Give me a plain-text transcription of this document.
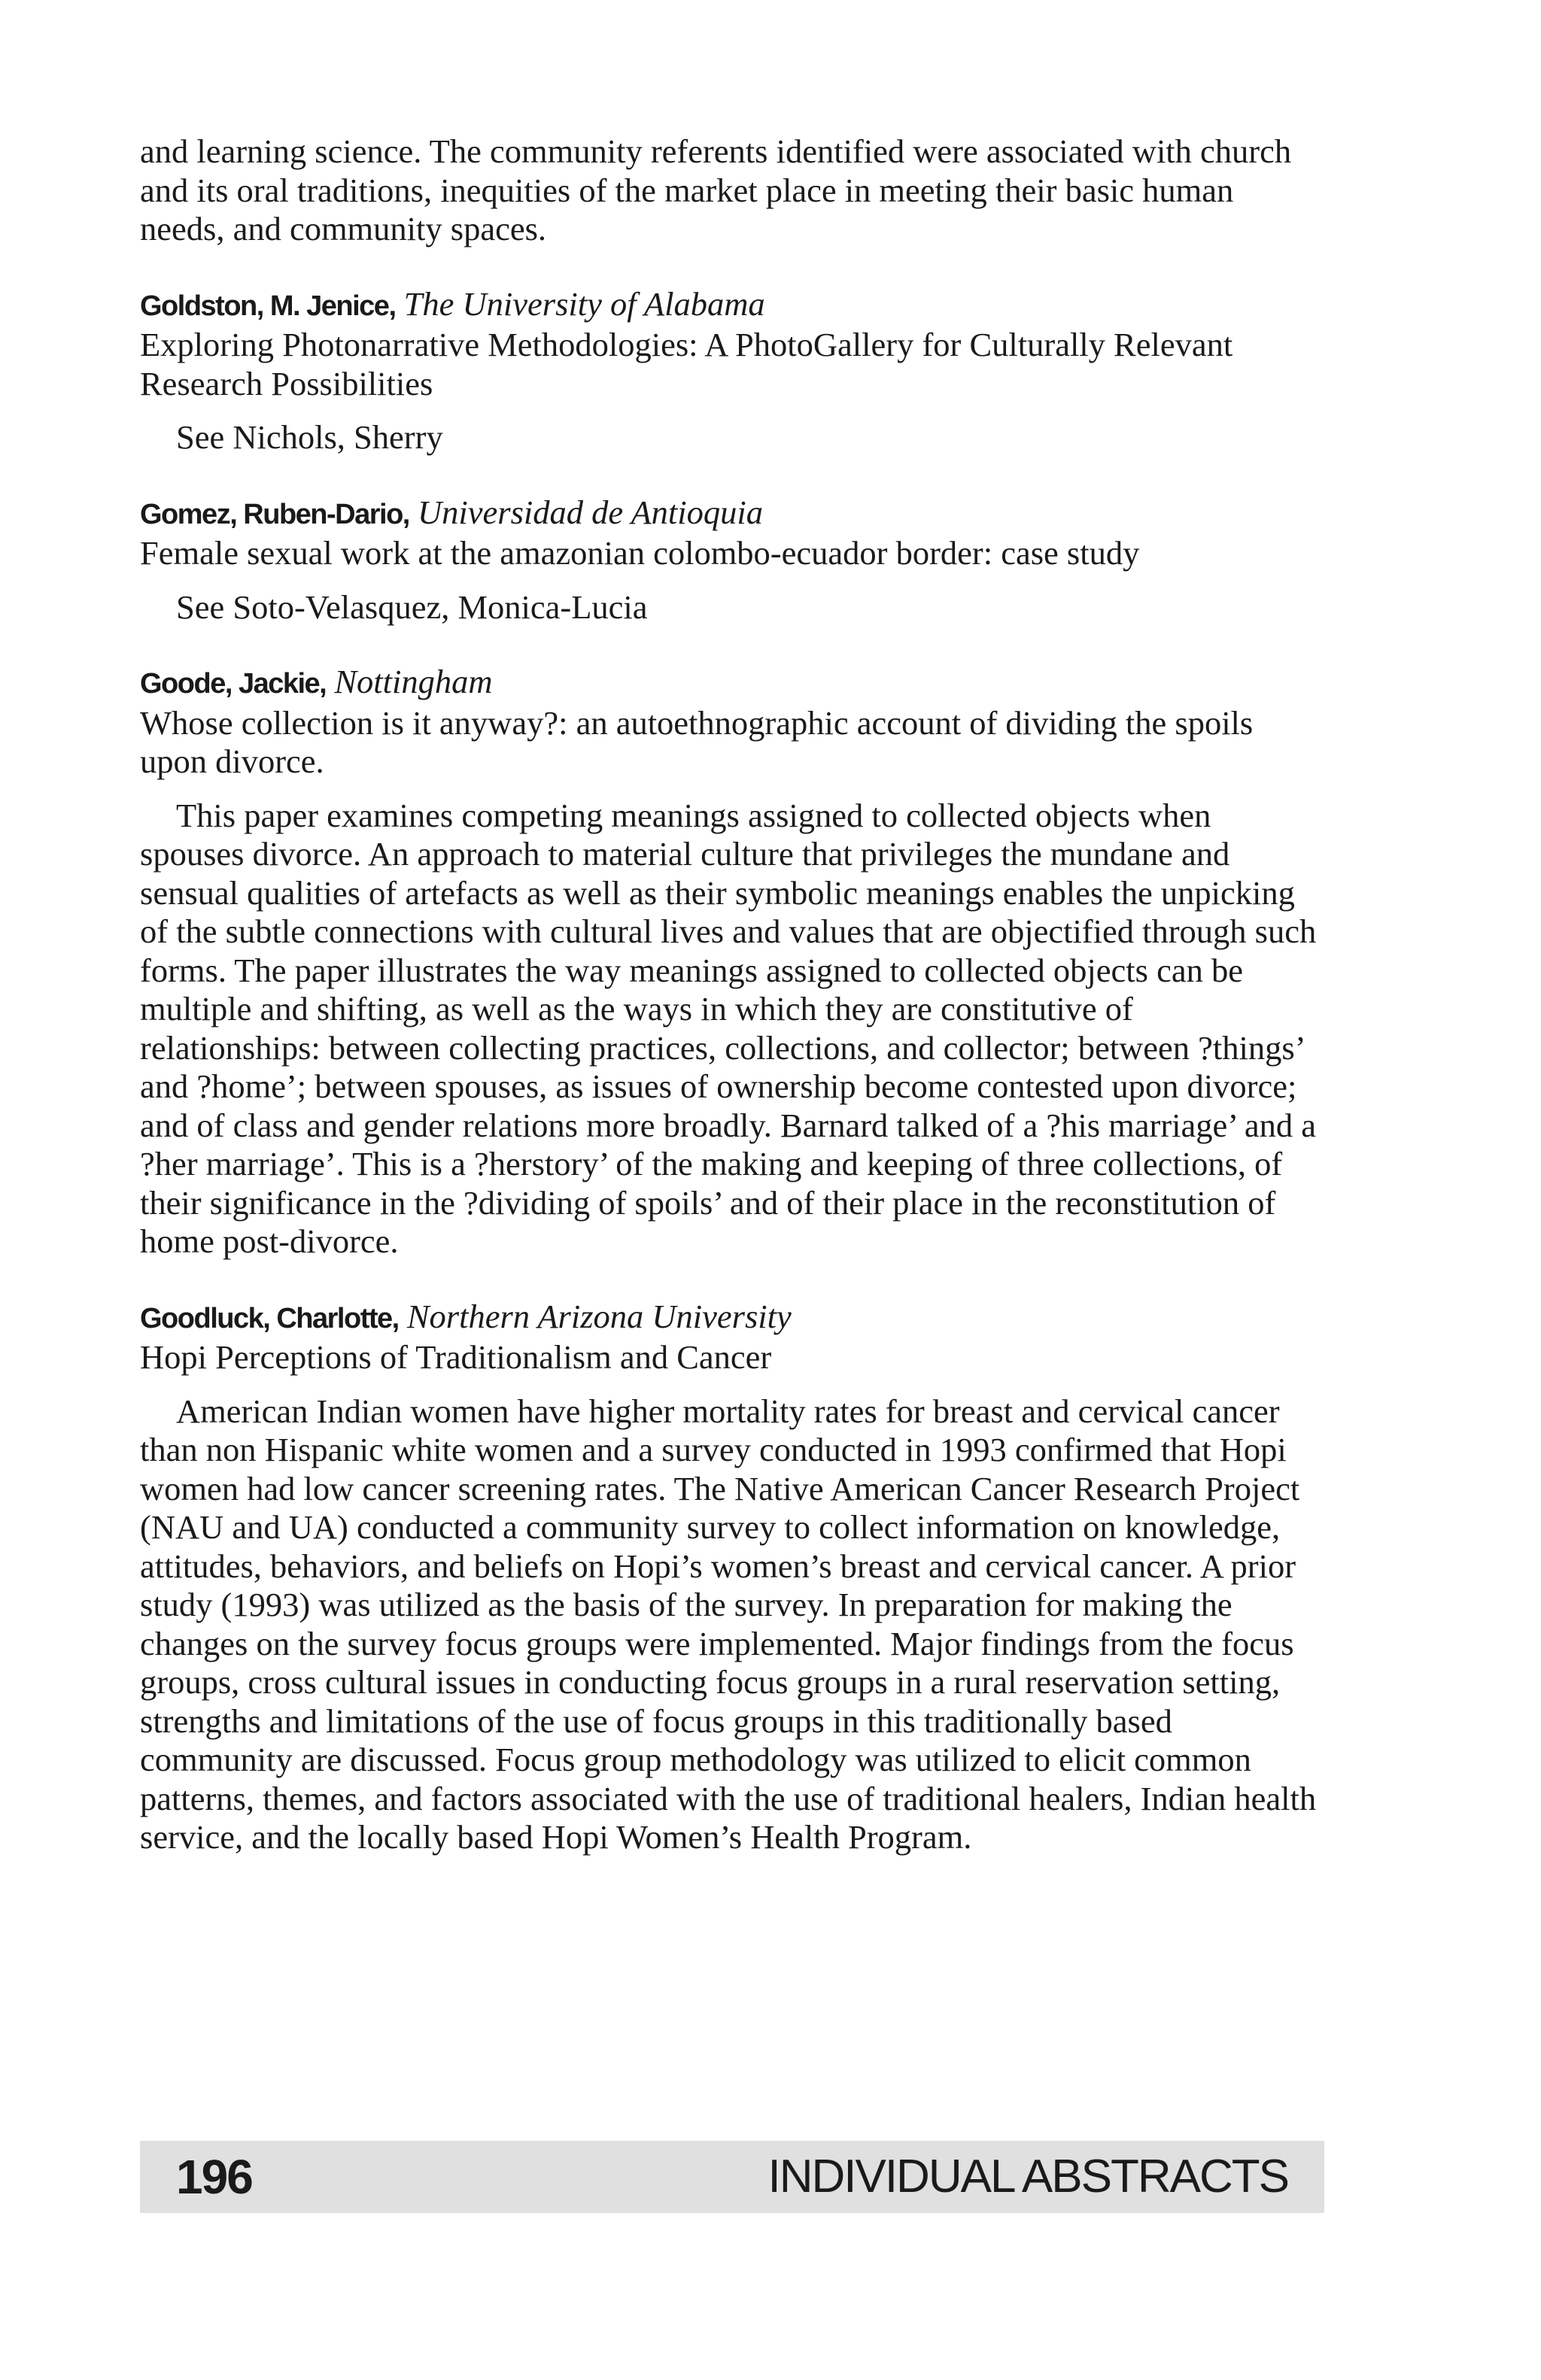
and learning science. The community referents identified were associated with church and its oral traditions, inequities of the market place in meeting their basic human needs, and community spaces.

Goldston, M. Jenice, The University of Alabama

Exploring Photonarrative Methodologies: A PhotoGallery for Culturally Relevant Research Possibilities

See Nichols, Sherry

Gomez, Ruben-Dario, Universidad de Antioquia

Female sexual work at the amazonian colombo-ecuador border: case study

See Soto-Velasquez, Monica-Lucia

Goode, Jackie, Nottingham

Whose collection is it anyway?: an autoethnographic account of dividing the spoils upon divorce.

This paper examines competing meanings assigned to collected objects when spouses divorce. An approach to material culture that privileges the mundane and sensual qualities of artefacts as well as their symbolic meanings enables the unpicking of the subtle connections with cultural lives and values that are objectified through such forms. The paper illustrates the way meanings assigned to collected objects can be multiple and shifting, as well as the ways in which they are constitutive of relationships: between collecting practices, collections, and collector; between ?things’ and ?home’; between spouses, as issues of ownership become contested upon divorce; and of class and gender relations more broadly. Barnard talked of a ?his marriage’ and a ?her marriage’. This is a ?herstory’ of the making and keeping of three collections, of their significance in the ?dividing of spoils’ and of their place in the reconstitution of home post-divorce.

Goodluck, Charlotte, Northern Arizona University

Hopi Perceptions of Traditionalism and Cancer

American Indian women have higher mortality rates for breast and cervical cancer than non Hispanic white women and a survey conducted in 1993 confirmed that Hopi women had low cancer screening rates. The Native American Cancer Research Project (NAU and UA) conducted a community survey to collect information on knowledge, attitudes, behaviors, and beliefs on Hopi’s women’s breast and cervical cancer. A prior study (1993) was utilized as the basis of the survey. In preparation for making the changes on the survey focus groups were implemented. Major findings from the focus groups, cross cultural issues in conducting focus groups in a rural reservation setting, strengths and limitations of the use of focus groups in this traditionally based community are discussed. Focus group methodology was utilized to elicit common patterns, themes, and factors associated with the use of traditional healers, Indian health service, and the locally based Hopi Women’s Health Program.

196	INDIVIDUAL ABSTRACTS
